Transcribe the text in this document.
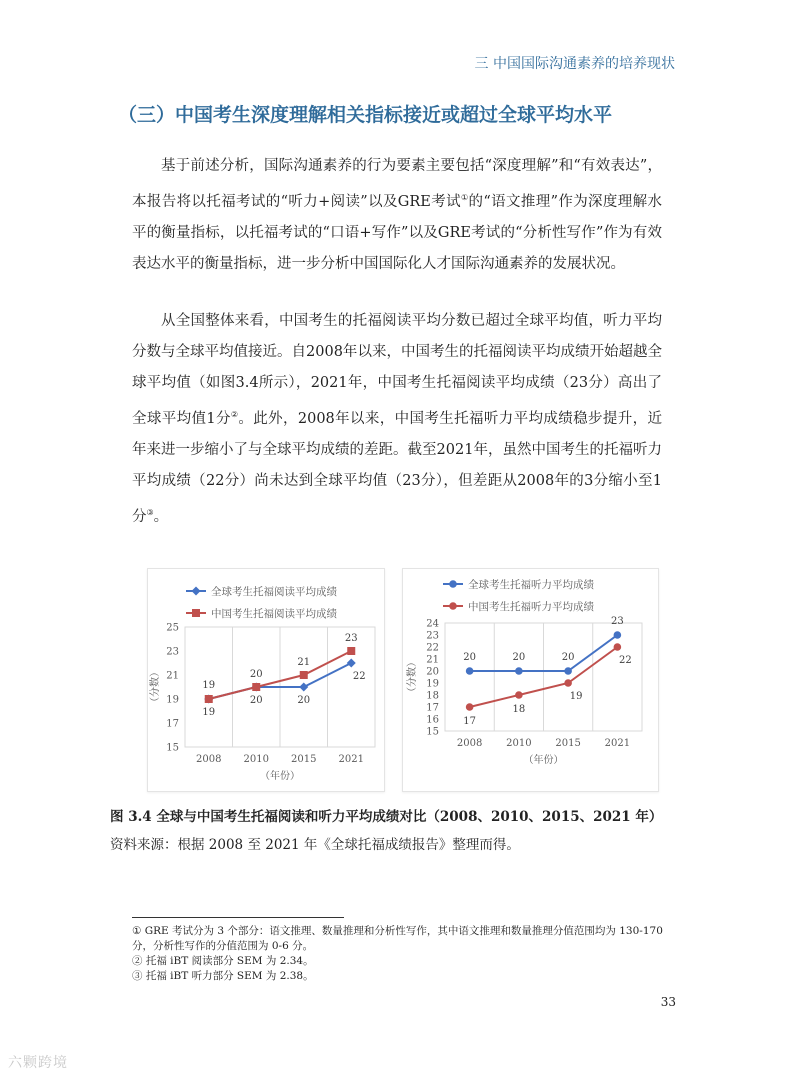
三 中国国际沟通素养的培养现状
（三）中国考生深度理解相关指标接近或超过全球平均水平

基于前述分析，国际沟通素养的行为要素主要包括“深度理解”和“有效表达”，本报告将以托福考试的“听力+阅读”以及GRE考试①的“语文推理”作为深度理解水平的衡量指标，以托福考试的“口语+写作”以及GRE考试的“分析性写作”作为有效表达水平的衡量指标，进一步分析中国国际化人才国际沟通素养的发展状况。

从全国整体来看，中国考生的托福阅读平均分数已超过全球平均值，听力平均分数与全球平均值接近。自2008年以来，中国考生的托福阅读平均成绩开始超越全球平均值（如图3.4所示），2021年，中国考生托福阅读平均成绩（23分）高出了全球平均值1分②。此外，2008年以来，中国考生托福听力平均成绩稳步提升，近年来进一步缩小了与全球平均成绩的差距。截至2021年，虽然中国考生的托福听力平均成绩（22分）尚未达到全球平均值（23分），但差距从2008年的3分缩小至1分③。

全球考生托福阅读平均成绩
中国考生托福阅读平均成绩
15
17
19
21
23
25
2008 2010 2015 2021
（年份）
（分数）
19
20	20
22
19
20
21
23
全球考生托福听力平均成绩
中国考生托福听力平均成绩
15
16
17
18
19
20
21
22
23
24
2008 2010 2015 2021
（年份）
（分数）	20	20	20
23
17
18
19
22
图 3.4 全球与中国考生托福阅读和听力平均成绩对比（2008、2010、2015、2021 年）
资料来源：根据 2008 至 2021 年《全球托福成绩报告》整理而得。

① GRE 考试分为 3 个部分：语文推理、数量推理和分析性写作，其中语文推理和数量推理分值范围均为 130-170 分，分析性写作的分值范围为 0-6 分。

② 托福 iBT 阅读部分 SEM 为 2.34。

③ 托福 iBT 听力部分 SEM 为 2.38。

33
六颗跨境
